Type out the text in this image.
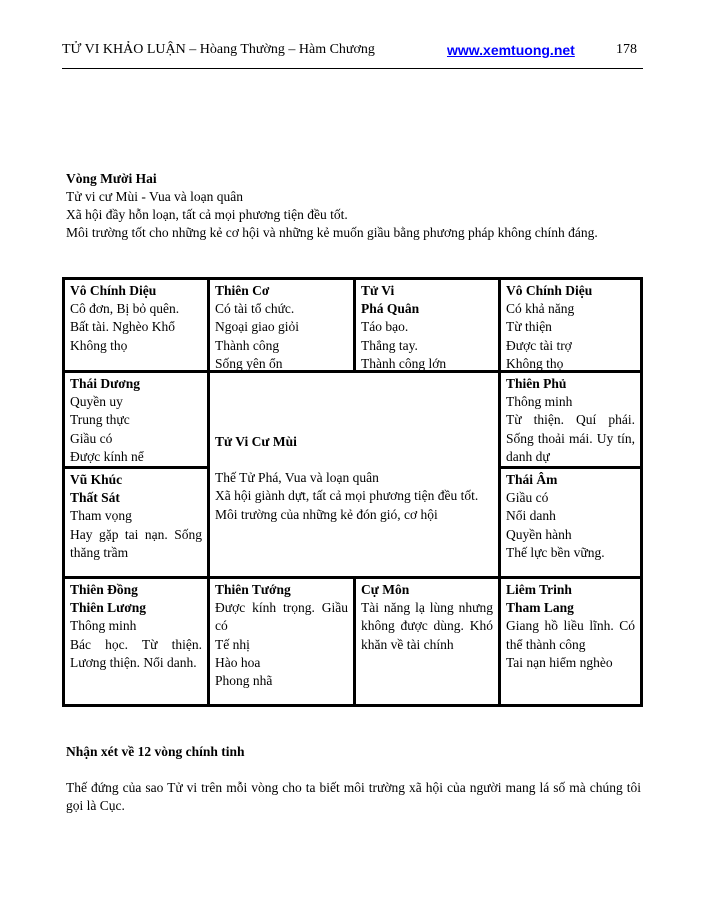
TỬ VI KHẢO LUẬN – Hòang Thường – Hàm Chương	www.xemtuong.net	178
Vòng Mười Hai
Tử vi cư Mùi - Vua và loạn quân
Xã hội đầy hỗn loạn, tất cả mọi phương tiện đều tốt.
Môi trường tốt cho những kẻ cơ hội và những kẻ muốn giầu bằng phương pháp không chính đáng.
Vô Chính Diệu
Cô đơn, Bị bỏ quên.
Bất tài. Nghèo Khổ
Không thọ
Thiên Cơ
Có tài tổ chức.
Ngoại giao giỏi
Thành công
Sống yên ổn
Tử Vi
Phá Quân
Táo bạo.
Thẳng tay.
Thành công lớn
Vô Chính Diệu
Có khả năng
Từ thiện
Được tài trợ
Không thọ
Thái Dương
Quyền uy
Trung thực
Giầu có
Được kính nể
Thiên Phủ
Thông minh
Từ thiện. Quí phái. Sống thoải mái. Uy tín, danh dự
Vũ Khúc
Thất Sát
Tham vọng
Hay gặp tai nạn. Sống thăng trầm
Thái Âm
Giầu có
Nổi danh
Quyền hành
Thế lực bền vững.
Tử Vi Cư Mùi
Thế Tử Phá, Vua và loạn quân
Xã hội giành dựt, tất cả mọi phương tiện đều tốt.
Môi trường của những kẻ đón gió, cơ hội
Thiên Đồng
Thiên Lương
Thông minh
Bác học. Từ thiện. Lương thiện. Nổi danh.
Thiên Tướng
Được kính trọng. Giầu có
Tế nhị
Hào hoa
Phong nhã
Cự Môn
Tài năng lạ lùng nhưng không được dùng. Khó khăn về tài chính
Liêm Trinh
Tham Lang
Giang hồ liều lĩnh. Có thể thành công
Tai nạn hiểm nghèo
Nhận xét về 12 vòng chính tinh

Thế đứng của sao Tử vi trên mỗi vòng cho ta biết môi trường xã hội của người mang lá số mà chúng tôi gọi là Cục.
